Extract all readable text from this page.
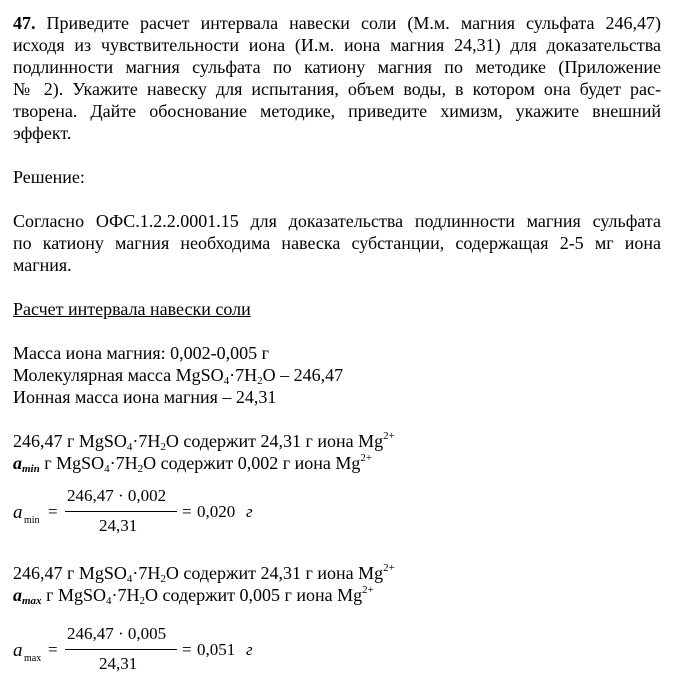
47. Приведите расчет интервала навески соли (М.м. магния сульфата 246,47)

исходя из чувствительности иона (И.м. иона магния 24,31) для доказательства

подлинности магния сульфата по катиону магния по методике (Приложение

№ 2). Укажите навеску для испытания, объем воды, в котором она будет рас-

творена. Дайте обоснование методике, приведите химизм, укажите внешний

эффект.

Решение:

Согласно ОФС.1.2.2.0001.15 для доказательства подлинности магния сульфата

по катиону магния необходима навеска субстанции, содержащая 2-5 мг иона

магния.

Расчет интервала навески соли

Масса иона магния: 0,002-0,005 г

Молекулярная масса $MgSO_4\cdot 7H_2O - 246,47$

Ионная масса иона магния – 24,31

246,47 г $MgSO_4\cdot 7H_2O$ содержит 24,31 г иона $Mg^{2+}$

$a_{min}$ г $MgSO_4\cdot 7H_2O$ содержит 0,002 г иона $Mg^{2+}$

a min =
246,47 · 0,002
24,31
= 0,020 г

246,47 г $MgSO_4\cdot 7H_2O$ содержит 24,31 г иона $Mg^{2+}$

$a_{max}$ г $MgSO_4\cdot 7H_2O$ содержит 0,005 г иона $Mg^{2+}$

a max =
246,47 · 0,005
24,31
= 0,051 г
